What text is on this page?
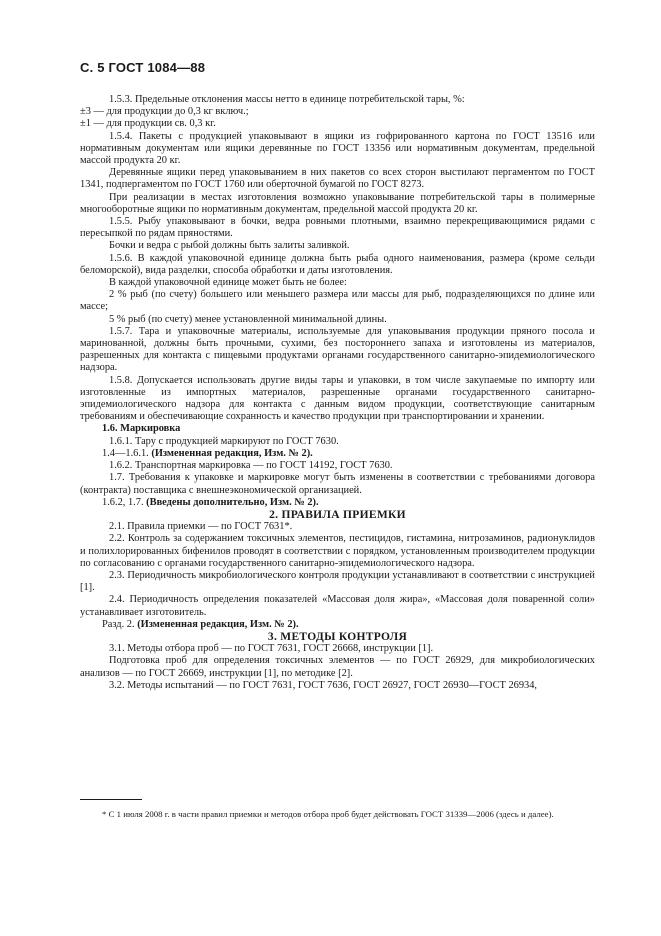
С. 5 ГОСТ 1084—88

1.5.3. Предельные отклонения массы нетто в единице потребительской тары, %:

±3 — для продукции до 0,3 кг включ.;

±1 — для продукции св. 0,3 кг.

1.5.4. Пакеты с продукцией упаковывают в ящики из гофрированного картона по ГОСТ 13516 или нормативным документам или ящики деревянные по ГОСТ 13356 или нормативным документам, предельной массой продукта 20 кг.

Деревянные ящики перед упаковыванием в них пакетов со всех сторон выстилают пергаментом по ГОСТ 1341, подпергаментом по ГОСТ 1760 или оберточной бумагой по ГОСТ 8273.

При реализации в местах изготовления возможно упаковывание потребительской тары в полимерные многооборотные ящики по нормативным документам, предельной массой продукта 20 кг.

1.5.5. Рыбу упаковывают в бочки, ведра ровными плотными, взаимно перекрещивающимися рядами с пересыпкой по рядам пряностями.

Бочки и ведра с рыбой должны быть залиты заливкой.

1.5.6. В каждой упаковочной единице должна быть рыба одного наименования, размера (кроме сельди беломорской), вида разделки, способа обработки и даты изготовления.

В каждой упаковочной единице может быть не более:

2 % рыб (по счету) большего или меньшего размера или массы для рыб, подразделяющихся по длине или массе;

5 % рыб (по счету) менее установленной минимальной длины.

1.5.7. Тара и упаковочные материалы, используемые для упаковывания продукции пряного посола и маринованной, должны быть прочными, сухими, без постороннего запаха и изготовлены из материалов, разрешенных для контакта с пищевыми продуктами органами государственного санитарно-эпидемиологического надзора.

1.5.8. Допускается использовать другие виды тары и упаковки, в том числе закупаемые по импорту или изготовленные из импортных материалов, разрешенные органами государственного санитарно-эпидемиологического надзора для контакта с данным видом продукции, соответствующие санитарным требованиям и обеспечивающие сохранность и качество продукции при транспортировании и хранении.

1.6. Маркировка

1.6.1. Тару с продукцией маркируют по ГОСТ 7630.

1.4—1.6.1. (Измененная редакция, Изм. № 2).

1.6.2. Транспортная маркировка — по ГОСТ 14192, ГОСТ 7630.

1.7. Требования к упаковке и маркировке могут быть изменены в соответствии с требованиями договора (контракта) поставщика с внешнеэкономической организацией.

1.6.2, 1.7. (Введены дополнительно, Изм. № 2).

2. ПРАВИЛА ПРИЕМКИ

2.1. Правила приемки — по ГОСТ 7631*.

2.2. Контроль за содержанием токсичных элементов, пестицидов, гистамина, нитрозаминов, радионуклидов и полихлорированных бифенилов проводят в соответствии с порядком, установленным производителем продукции по согласованию с органами государственного санитарно-эпидемиологического надзора.

2.3. Периодичность микробиологического контроля продукции устанавливают в соответствии с инструкцией [1].

2.4. Периодичность определения показателей «Массовая доля жира», «Массовая доля поваренной соли» устанавливает изготовитель.

Разд. 2. (Измененная редакция, Изм. № 2).

3. МЕТОДЫ КОНТРОЛЯ

3.1. Методы отбора проб — по ГОСТ 7631, ГОСТ 26668, инструкции [1].

Подготовка проб для определения токсичных элементов — по ГОСТ 26929, для микробиологических анализов — по ГОСТ 26669, инструкции [1], по методике [2].

3.2. Методы испытаний — по ГОСТ 7631, ГОСТ 7636, ГОСТ 26927, ГОСТ 26930—ГОСТ 26934,

* С 1 июля 2008 г. в части правил приемки и методов отбора проб будет действовать ГОСТ 31339—2006 (здесь и далее).
